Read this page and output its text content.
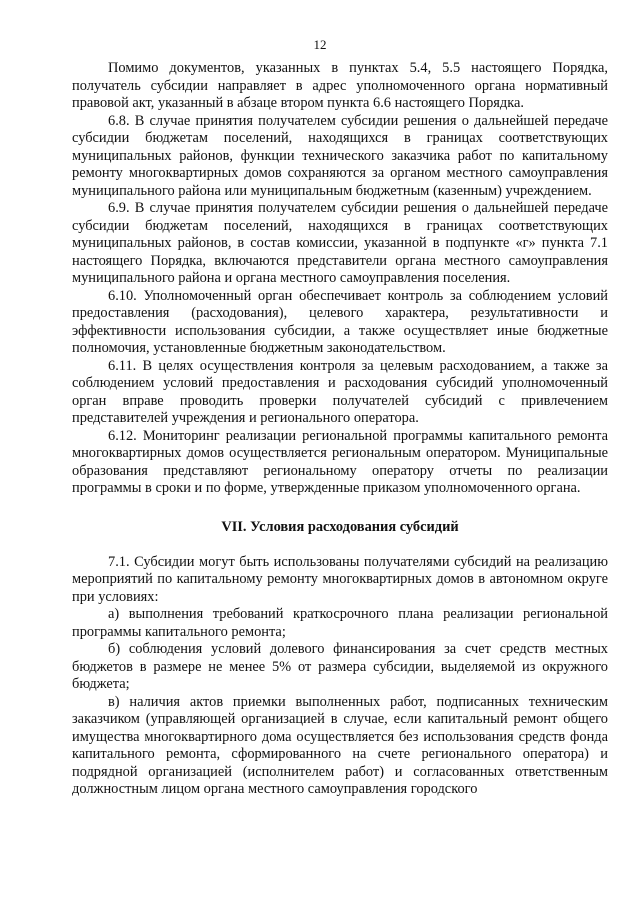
12

Помимо документов, указанных в пунктах 5.4, 5.5 настоящего Порядка, получатель субсидии направляет в адрес уполномоченного органа нормативный правовой акт, указанный в абзаце втором пункта 6.6 настоящего Порядка.

6.8. В случае принятия получателем субсидии решения о дальнейшей передаче субсидии бюджетам поселений, находящихся в границах соответствующих муниципальных районов, функции технического заказчика работ по капитальному ремонту многоквартирных домов сохраняются за органом местного самоуправления муниципального района или муниципальным бюджетным (казенным) учреждением.

6.9. В случае принятия получателем субсидии решения о дальнейшей передаче субсидии бюджетам поселений, находящихся в границах соответствующих муниципальных районов, в состав комиссии, указанной в подпункте «г» пункта 7.1 настоящего Порядка, включаются представители органа местного самоуправления муниципального района и органа местного самоуправления поселения.

6.10. Уполномоченный орган обеспечивает контроль за соблюдением условий предоставления (расходования), целевого характера, результативности и эффективности использования субсидии, а также осуществляет иные бюджетные полномочия, установленные бюджетным законодательством.

6.11. В целях осуществления контроля за целевым расходованием, а также за соблюдением условий предоставления и расходования субсидий уполномоченный орган вправе проводить проверки получателей субсидий с привлечением представителей учреждения и регионального оператора.

6.12. Мониторинг реализации региональной программы капитального ремонта многоквартирных домов осуществляется региональным оператором. Муниципальные образования представляют региональному оператору отчеты по реализации программы в сроки и по форме, утвержденные приказом уполномоченного органа.

VII. Условия расходования субсидий

7.1. Субсидии могут быть использованы получателями субсидий на реализацию мероприятий по капитальному ремонту многоквартирных домов в автономном округе при условиях:

а) выполнения требований краткосрочного плана реализации региональной программы капитального ремонта;

б) соблюдения условий долевого финансирования за счет средств местных бюджетов в размере не менее 5% от размера субсидии, выделяемой из окружного бюджета;

в) наличия актов приемки выполненных работ, подписанных техническим заказчиком (управляющей организацией в случае, если капитальный ремонт общего имущества многоквартирного дома осуществляется без использования средств фонда капитального ремонта, сформированного на счете регионального оператора) и подрядной организацией (исполнителем работ) и согласованных ответственным должностным лицом органа местного самоуправления городского
